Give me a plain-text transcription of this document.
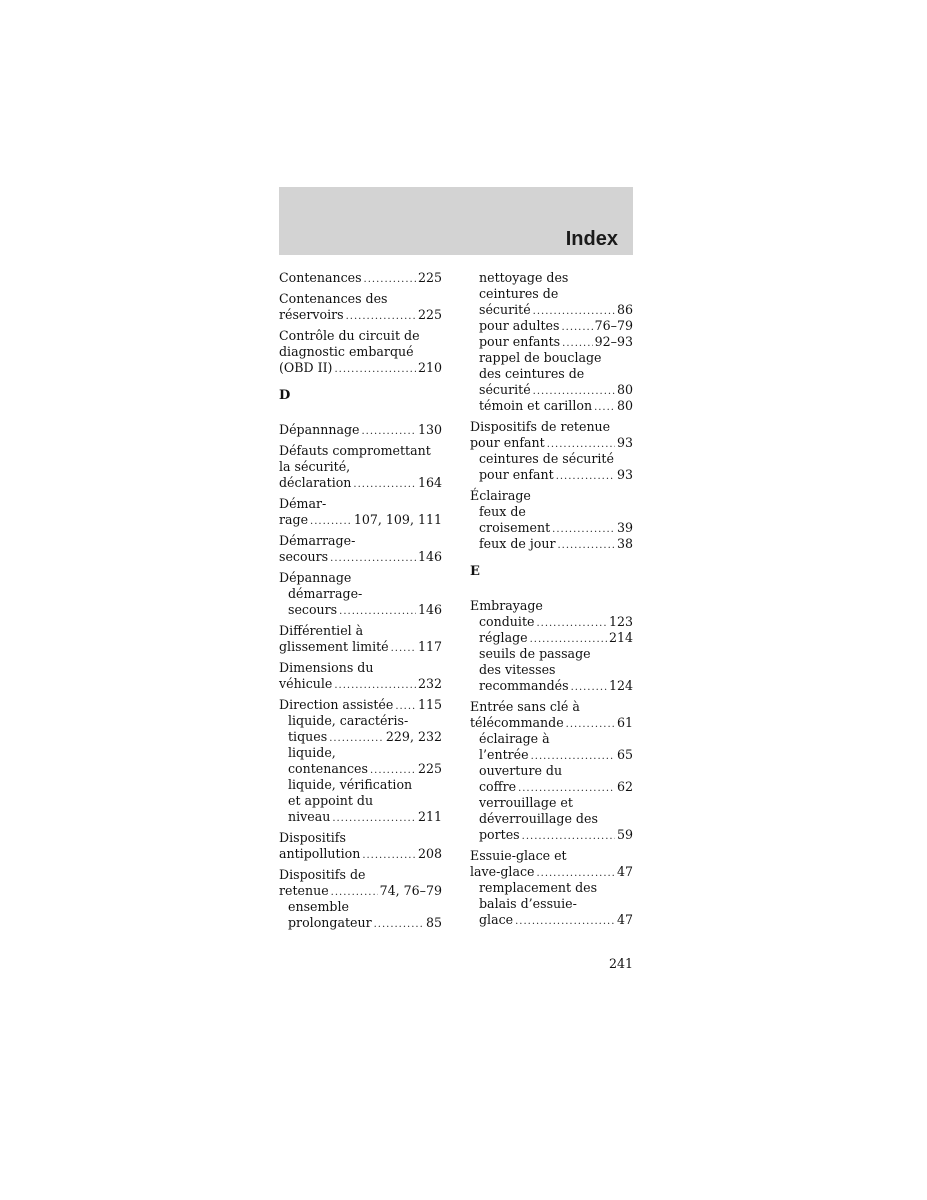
Index
Contenances .....	225
Contenances des
réservoirs .....	225
Contrôle du circuit de
diagnostic embarqué
(OBD II) .....	210
D
Dépannnage .....	130
Défauts compromettant
la sécurité,
déclaration .....	164
Démar-
rage .....	107, 109, 111
Démarrage-
secours .....	146
Dépannage
démarrage-
secours .....	146
Différentiel à
glissement limité ..... 117
Dimensions du
véhicule .....	232
Direction assistée ..... 115
liquide, caractéris-
tiques .....	229, 232
liquide,
contenances .....	225
liquide, vérification
et appoint du
niveau .....	211
Dispositifs
antipollution .....	208
Dispositifs de
retenue .....	74, 76–79
ensemble
prolongateur .....	85
nettoyage des
ceintures de
sécurité .....	86
pour adultes .....	76–79
pour enfants .....	92–93
rappel de bouclage
des ceintures de
sécurité .....	80
témoin et carillon ..... 80
Dispositifs de retenue
pour enfant .....	93
ceintures de sécurité
pour enfant .....	93
Éclairage
feux de
croisement .....	39
feux de jour .....	38
E
Embrayage
conduite .....	123
réglage .....	214
seuils de passage
des vitesses
recommandés .....	124
Entrée sans clé à
télécommande .....	61
éclairage à
l’entrée .....	65
ouverture du
coffre .....	62
verrouillage et
déverrouillage des
portes .....	59
Essuie-glace et
lave-glace .....	47
remplacement des
balais d’essuie-
glace .....	47
241
